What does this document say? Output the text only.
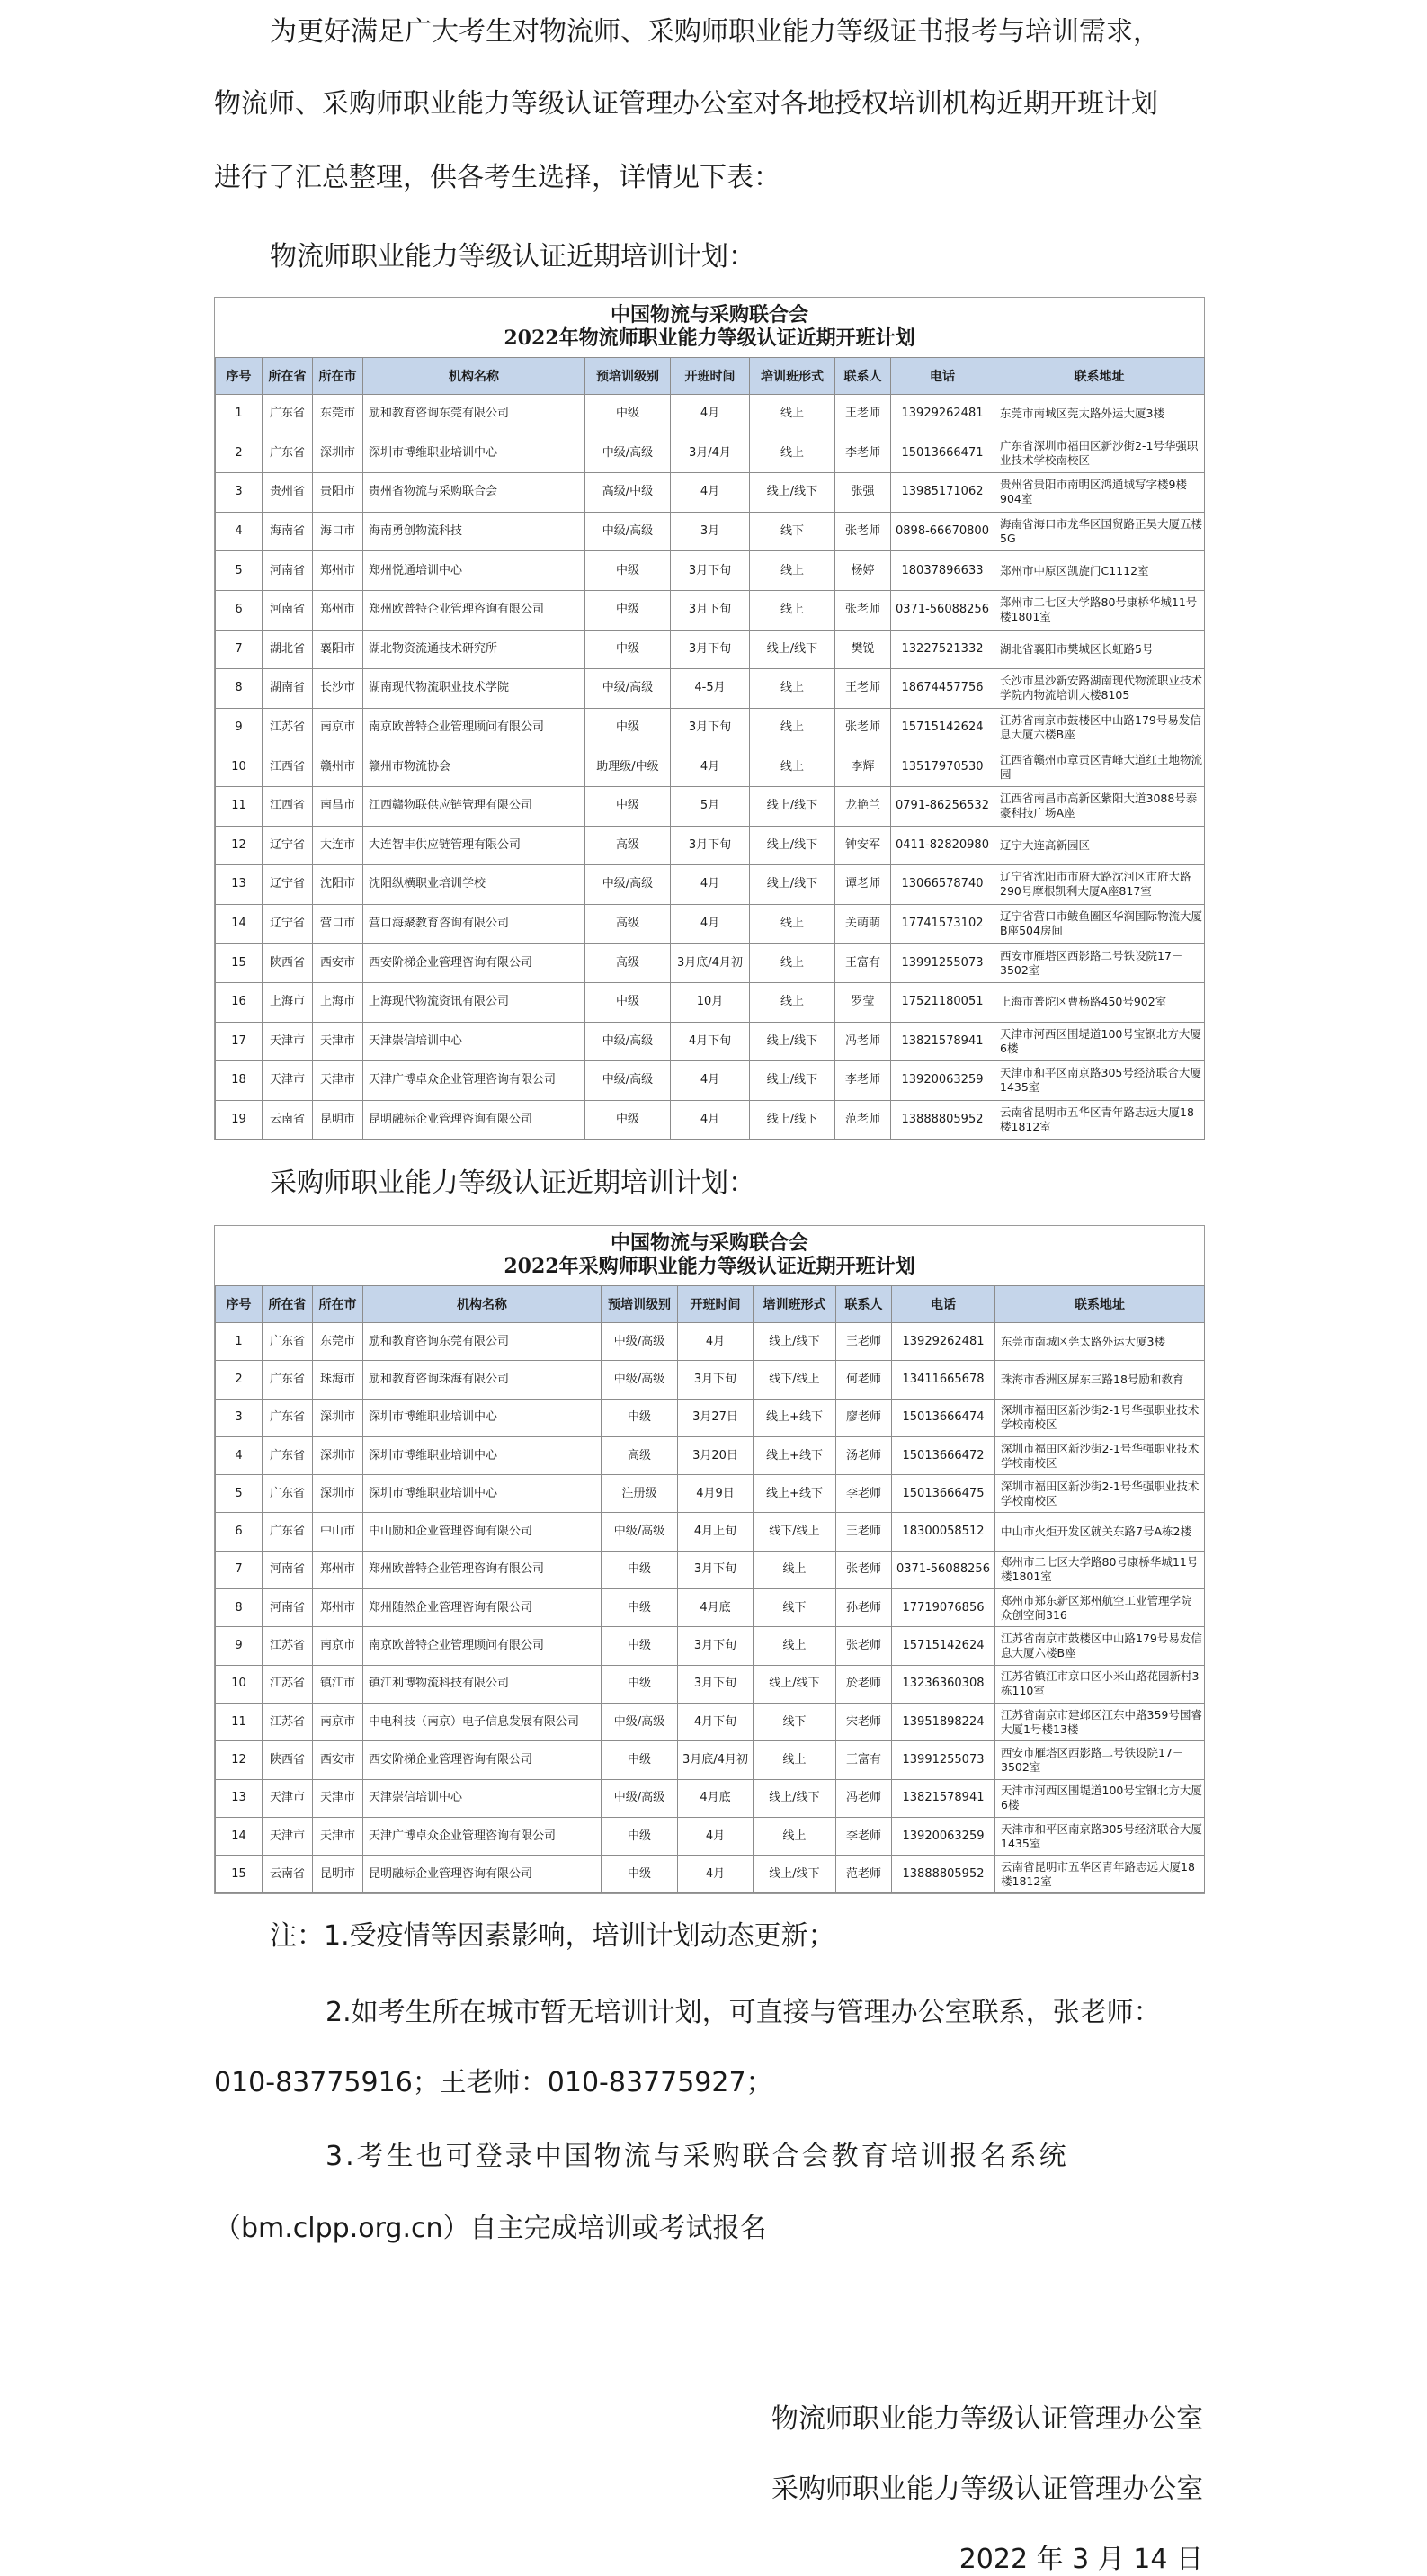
为更好满足广大考生对物流师、采购师职业能力等级证书报考与培训需求，
物流师、采购师职业能力等级认证管理办公室对各地授权培训机构近期开班计划
进行了汇总整理，供各考生选择，详情见下表：
物流师职业能力等级认证近期培训计划：
中国物流与采购联合会
2022年物流师职业能力等级认证近期开班计划
序号	所在省	所在市	机构名称	预培训级别	开班时间	培训班形式	联系人	电话	联系地址
1	广东省	东莞市	励和教育咨询东莞有限公司	中级	4月	线上	王老师	13929262481	东莞市南城区莞太路外运大厦3楼
2	广东省	深圳市	深圳市博维职业培训中心	中级/高级	3月/4月	线上	李老师	15013666471	广东省深圳市福田区新沙街2-1号华强职业技术学校南校区
3	贵州省	贵阳市	贵州省物流与采购联合会	高级/中级	4月	线上/线下	张强	13985171062	贵州省贵阳市南明区鸿通城写字楼9楼904室
4	海南省	海口市	海南勇创物流科技	中级/高级	3月	线下	张老师	0898-66670800	海南省海口市龙华区国贸路正昊大厦五楼5G
5	河南省	郑州市	郑州悦通培训中心	中级	3月下旬	线上	杨婷	18037896633	郑州市中原区凯旋门C1112室
6	河南省	郑州市	郑州欧普特企业管理咨询有限公司	中级	3月下旬	线上	张老师	0371-56088256	郑州市二七区大学路80号康桥华城11号楼1801室
7	湖北省	襄阳市	湖北物资流通技术研究所	中级	3月下旬	线上/线下	樊锐	13227521332	湖北省襄阳市樊城区长虹路5号
8	湖南省	长沙市	湖南现代物流职业技术学院	中级/高级	4-5月	线上	王老师	18674457756	长沙市星沙新安路湖南现代物流职业技术学院内物流培训大楼8105
9	江苏省	南京市	南京欧普特企业管理顾问有限公司	中级	3月下旬	线上	张老师	15715142624	江苏省南京市鼓楼区中山路179号易发信息大厦六楼B座
10	江西省	赣州市	赣州市物流协会	助理级/中级	4月	线上	李辉	13517970530	江西省赣州市章贡区青峰大道红土地物流园
11	江西省	南昌市	江西赣物联供应链管理有限公司	中级	5月	线上/线下	龙艳兰	0791-86256532	江西省南昌市高新区紫阳大道3088号泰豪科技广场A座
12	辽宁省	大连市	大连智丰供应链管理有限公司	高级	3月下旬	线上/线下	钟安军	0411-82820980	辽宁大连高新园区
13	辽宁省	沈阳市	沈阳纵横职业培训学校	中级/高级	4月	线上/线下	谭老师	13066578740	辽宁省沈阳市市府大路沈河区市府大路290号摩根凯利大厦A座817室
14	辽宁省	营口市	营口海聚教育咨询有限公司	高级	4月	线上	关萌萌	17741573102	辽宁省营口市鲅鱼圈区华润国际物流大厦B座504房间
15	陕西省	西安市	西安阶梯企业管理咨询有限公司	高级	3月底/4月初	线上	王富有	13991255073	西安市雁塔区西影路二号铁设院17－3502室
16	上海市	上海市	上海现代物流资讯有限公司	中级	10月	线上	罗莹	17521180051	上海市普陀区曹杨路450号902室
17	天津市	天津市	天津崇信培训中心	中级/高级	4月下旬	线上/线下	冯老师	13821578941	天津市河西区围堤道100号宝钢北方大厦6楼
18	天津市	天津市	天津广博卓众企业管理咨询有限公司	中级/高级	4月	线上/线下	李老师	13920063259	天津市和平区南京路305号经济联合大厦1435室
19	云南省	昆明市	昆明融标企业管理咨询有限公司	中级	4月	线上/线下	范老师	13888805952	云南省昆明市五华区青年路志远大厦18楼1812室
采购师职业能力等级认证近期培训计划：
中国物流与采购联合会
2022年采购师职业能力等级认证近期开班计划
序号	所在省	所在市	机构名称	预培训级别	开班时间	培训班形式	联系人	电话	联系地址
1	广东省	东莞市	励和教育咨询东莞有限公司	中级/高级	4月	线上/线下	王老师	13929262481	东莞市南城区莞太路外运大厦3楼
2	广东省	珠海市	励和教育咨询珠海有限公司	中级/高级	3月下旬	线下/线上	何老师	13411665678	珠海市香洲区屏东三路18号励和教育
3	广东省	深圳市	深圳市博维职业培训中心	中级	3月27日	线上+线下	廖老师	15013666474	深圳市福田区新沙街2-1号华强职业技术学校南校区
4	广东省	深圳市	深圳市博维职业培训中心	高级	3月20日	线上+线下	汤老师	15013666472	深圳市福田区新沙街2-1号华强职业技术学校南校区
5	广东省	深圳市	深圳市博维职业培训中心	注册级	4月9日	线上+线下	李老师	15013666475	深圳市福田区新沙街2-1号华强职业技术学校南校区
6	广东省	中山市	中山励和企业管理咨询有限公司	中级/高级	4月上旬	线下/线上	王老师	18300058512	中山市火炬开发区就关东路7号A栋2楼
7	河南省	郑州市	郑州欧普特企业管理咨询有限公司	中级	3月下旬	线上	张老师	0371-56088256	郑州市二七区大学路80号康桥华城11号楼1801室
8	河南省	郑州市	郑州随然企业管理咨询有限公司	中级	4月底	线下	孙老师	17719076856	郑州市郑东新区郑州航空工业管理学院众创空间316
9	江苏省	南京市	南京欧普特企业管理顾问有限公司	中级	3月下旬	线上	张老师	15715142624	江苏省南京市鼓楼区中山路179号易发信息大厦六楼B座
10	江苏省	镇江市	镇江利博物流科技有限公司	中级	3月下旬	线上/线下	於老师	13236360308	江苏省镇江市京口区小米山路花园新村3栋110室
11	江苏省	南京市	中电科技（南京）电子信息发展有限公司	中级/高级	4月下旬	线下	宋老师	13951898224	江苏省南京市建邺区江东中路359号国睿大厦1号楼13楼
12	陕西省	西安市	西安阶梯企业管理咨询有限公司	中级	3月底/4月初	线上	王富有	13991255073	西安市雁塔区西影路二号铁设院17－3502室
13	天津市	天津市	天津崇信培训中心	中级/高级	4月底	线上/线下	冯老师	13821578941	天津市河西区围堤道100号宝钢北方大厦6楼
14	天津市	天津市	天津广博卓众企业管理咨询有限公司	中级	4月	线上	李老师	13920063259	天津市和平区南京路305号经济联合大厦1435室
15	云南省	昆明市	昆明融标企业管理咨询有限公司	中级	4月	线上/线下	范老师	13888805952	云南省昆明市五华区青年路志远大厦18楼1812室
注：1.受疫情等因素影响，培训计划动态更新；
2.如考生所在城市暂无培训计划，可直接与管理办公室联系，张老师：
010-83775916；王老师：010-83775927；
3.考生也可登录中国物流与采购联合会教育培训报名系统
（bm.clpp.org.cn）自主完成培训或考试报名
物流师职业能力等级认证管理办公室
采购师职业能力等级认证管理办公室
2022 年 3 月 14 日
